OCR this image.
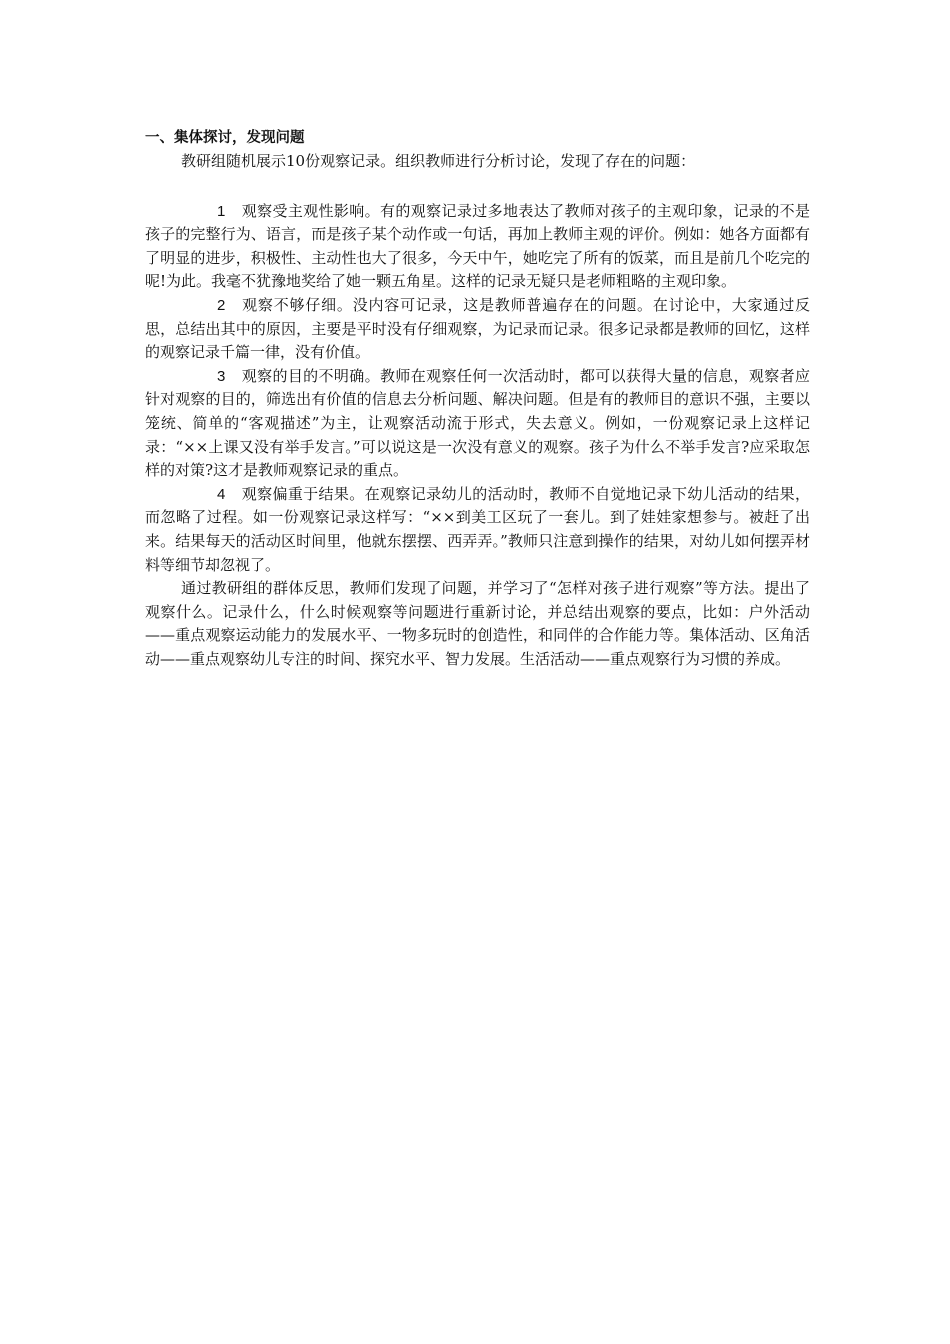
一、集体探讨，发现问题

教研组随机展示10份观察记录。组织教师进行分析讨论，发现了存在的问题：

1 观察受主观性影响。有的观察记录过多地表达了教师对孩子的主观印象，记录的不是孩子的完整行为、语言，而是孩子某个动作或一句话，再加上教师主观的评价。例如：她各方面都有了明显的进步，积极性、主动性也大了很多，今天中午，她吃完了所有的饭菜，而且是前几个吃完的呢!为此。我毫不犹豫地奖给了她一颗五角星。这样的记录无疑只是老师粗略的主观印象。

2 观察不够仔细。没内容可记录，这是教师普遍存在的问题。在讨论中，大家通过反思，总结出其中的原因，主要是平时没有仔细观察，为记录而记录。很多记录都是教师的回忆，这样的观察记录千篇一律，没有价值。

3 观察的目的不明确。教师在观察任何一次活动时，都可以获得大量的信息，观察者应针对观察的目的，筛选出有价值的信息去分析问题、解决问题。但是有的教师目的意识不强，主要以笼统、简单的“客观描述”为主，让观察活动流于形式，失去意义。例如，一份观察记录上这样记录：“××上课又没有举手发言。”可以说这是一次没有意义的观察。孩子为什么不举手发言?应采取怎样的对策?这才是教师观察记录的重点。

4 观察偏重于结果。在观察记录幼儿的活动时，教师不自觉地记录下幼儿活动的结果，而忽略了过程。如一份观察记录这样写：“××到美工区玩了一套儿。到了娃娃家想参与。被赶了出来。结果每天的活动区时间里，他就东摆摆、西弄弄。”教师只注意到操作的结果，对幼儿如何摆弄材料等细节却忽视了。

通过教研组的群体反思，教师们发现了问题，并学习了“怎样对孩子进行观察”等方法。提出了观察什么。记录什么，什么时候观察等问题进行重新讨论，并总结出观察的要点，比如：户外活动——重点观察运动能力的发展水平、一物多玩时的创造性，和同伴的合作能力等。集体活动、区角活动——重点观察幼儿专注的时间、探究水平、智力发展。生活活动——重点观察行为习惯的养成。
